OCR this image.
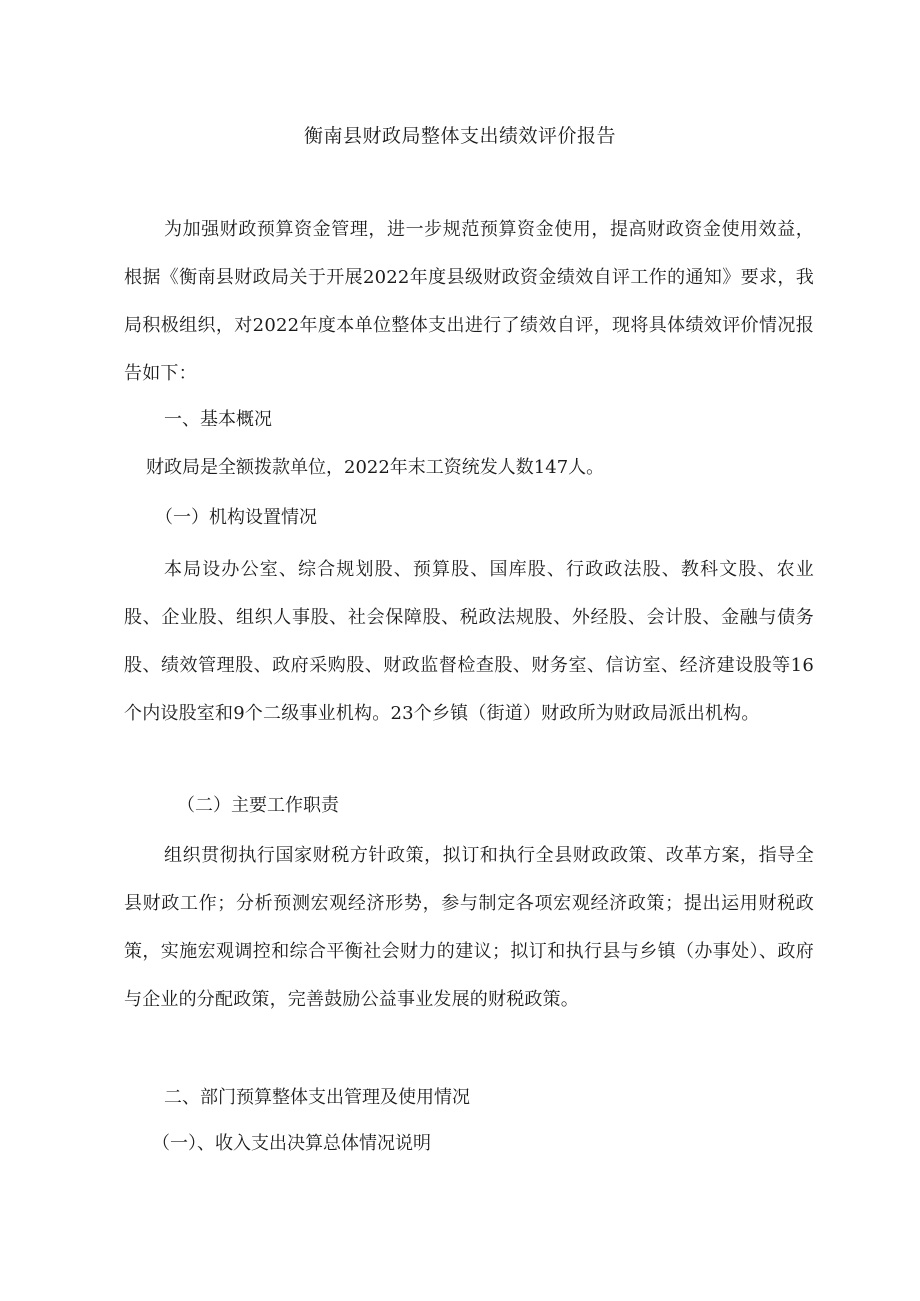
衡南县财政局整体支出绩效评价报告

为加强财政预算资金管理，进一步规范预算资金使用，提高财政资金使用效益，根据《衡南县财政局关于开展2022年度县级财政资金绩效自评工作的通知》要求，我局积极组织，对2022年度本单位整体支出进行了绩效自评，现将具体绩效评价情况报告如下：

一、基本概况

财政局是全额拨款单位，2022年末工资统发人数147人。

（一）机构设置情况

本局设办公室、综合规划股、预算股、国库股、行政政法股、教科文股、农业股、企业股、组织人事股、社会保障股、税政法规股、外经股、会计股、金融与债务股、绩效管理股、政府采购股、财政监督检查股、财务室、信访室、经济建设股等16个内设股室和9个二级事业机构。23个乡镇（街道）财政所为财政局派出机构。

（二）主要工作职责

组织贯彻执行国家财税方针政策，拟订和执行全县财政政策、改革方案，指导全县财政工作；分析预测宏观经济形势，参与制定各项宏观经济政策；提出运用财税政策，实施宏观调控和综合平衡社会财力的建议；拟订和执行县与乡镇（办事处）、政府与企业的分配政策，完善鼓励公益事业发展的财税政策。

二、部门预算整体支出管理及使用情况

（一）、收入支出决算总体情况说明
